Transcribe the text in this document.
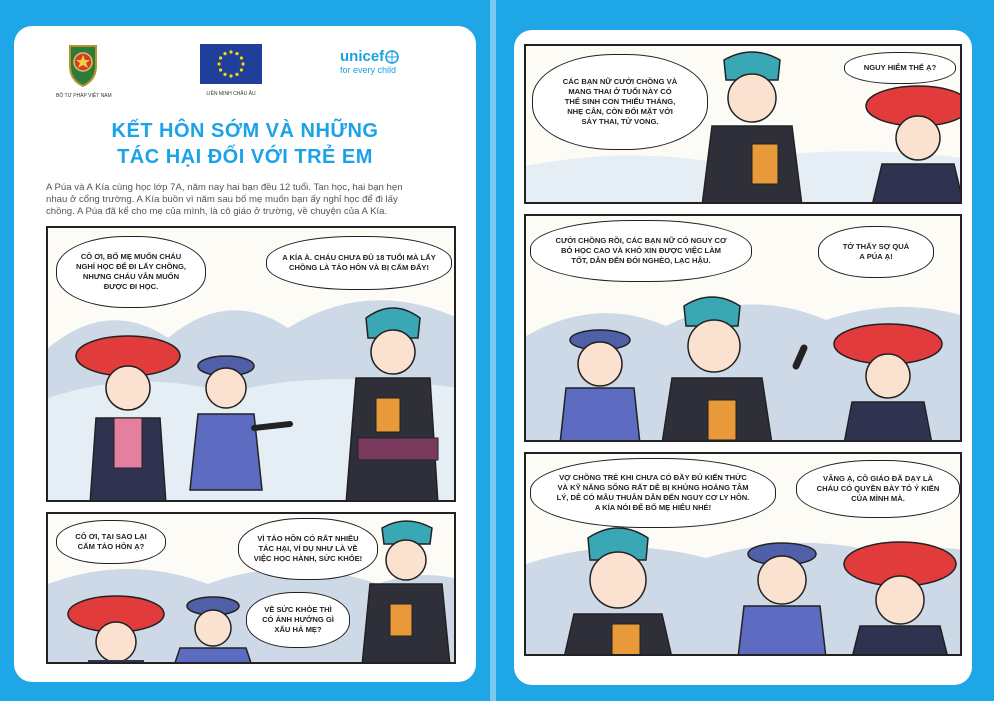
BỘ TƯ PHÁP VIỆT NAM	LIÊN MINH CHÂU ÂU
unicef
for every child
KẾT HÔN SỚM VÀ NHỮNG
TÁC HẠI ĐỐI VỚI TRẺ EM
A Púa và A Kía cùng học lớp 7A, năm nay hai bạn đều 12 tuổi. Tan học, hai bạn hẹn
nhau ở cổng trường. A Kía buồn vì năm sau bố mẹ muốn bạn ấy nghỉ học để đi lấy
chồng. A Púa đã kể cho mẹ của mình, là cô giáo ở trường, về chuyện của A Kía.
CÔ ƠI, BỐ MẸ MUỐN CHÁU
NGHỈ HỌC ĐỂ ĐI LẤY CHỒNG,
NHƯNG CHÁU VẪN MUỐN
ĐƯỢC ĐI HỌC.
A KÍA À. CHÁU CHƯA ĐỦ 18 TUỔI MÀ LẤY
CHỒNG LÀ TẢO HÔN VÀ BỊ CẤM ĐẤY!
CÔ ƠI, TẠI SAO LẠI
CẤM TẢO HÔN Ạ?
VÌ TẢO HÔN CÓ RẤT NHIỀU
TÁC HẠI, VÍ DỤ NHƯ LÀ VỀ
VIỆC HỌC HÀNH, SỨC KHỎE!
VỀ SỨC KHỎE THÌ
CÓ ẢNH HƯỞNG GÌ
XẤU HẢ MẸ?
CÁC BẠN NỮ CƯỚI CHỒNG VÀ
MANG THAI Ở TUỔI NÀY CÓ
THỂ SINH CON THIẾU THÁNG,
NHẸ CÂN, CÒN ĐỐI MẶT VỚI
SẢY THAI, TỬ VONG.
NGUY HIỂM THẾ Ạ?
CƯỚI CHỒNG RỒI, CÁC BẠN NỮ CÓ NGUY CƠ
BỎ HỌC CAO VÀ KHÓ XIN ĐƯỢC VIỆC LÀM
TỐT, DẪN ĐẾN ĐÓI NGHÈO, LẠC HẬU.
TỚ THẤY SỢ QUÁ
A PÚA Ạ!
VỢ CHỒNG TRẺ KHI CHƯA CÓ ĐẦY ĐỦ KIẾN THỨC
VÀ KỸ NĂNG SỐNG RẤT DỄ BỊ KHỦNG HOẢNG TÂM
LÝ, DỄ CÓ MÂU THUẪN DẪN ĐẾN NGUY CƠ LY HÔN.
A KÍA NÓI ĐỂ BỐ MẸ HIỂU NHÉ!
VÂNG Ạ, CÔ GIÁO ĐÃ DẠY LÀ
CHÁU CÓ QUYỀN BÀY TỎ Ý KIẾN
CỦA MÌNH MÀ.
